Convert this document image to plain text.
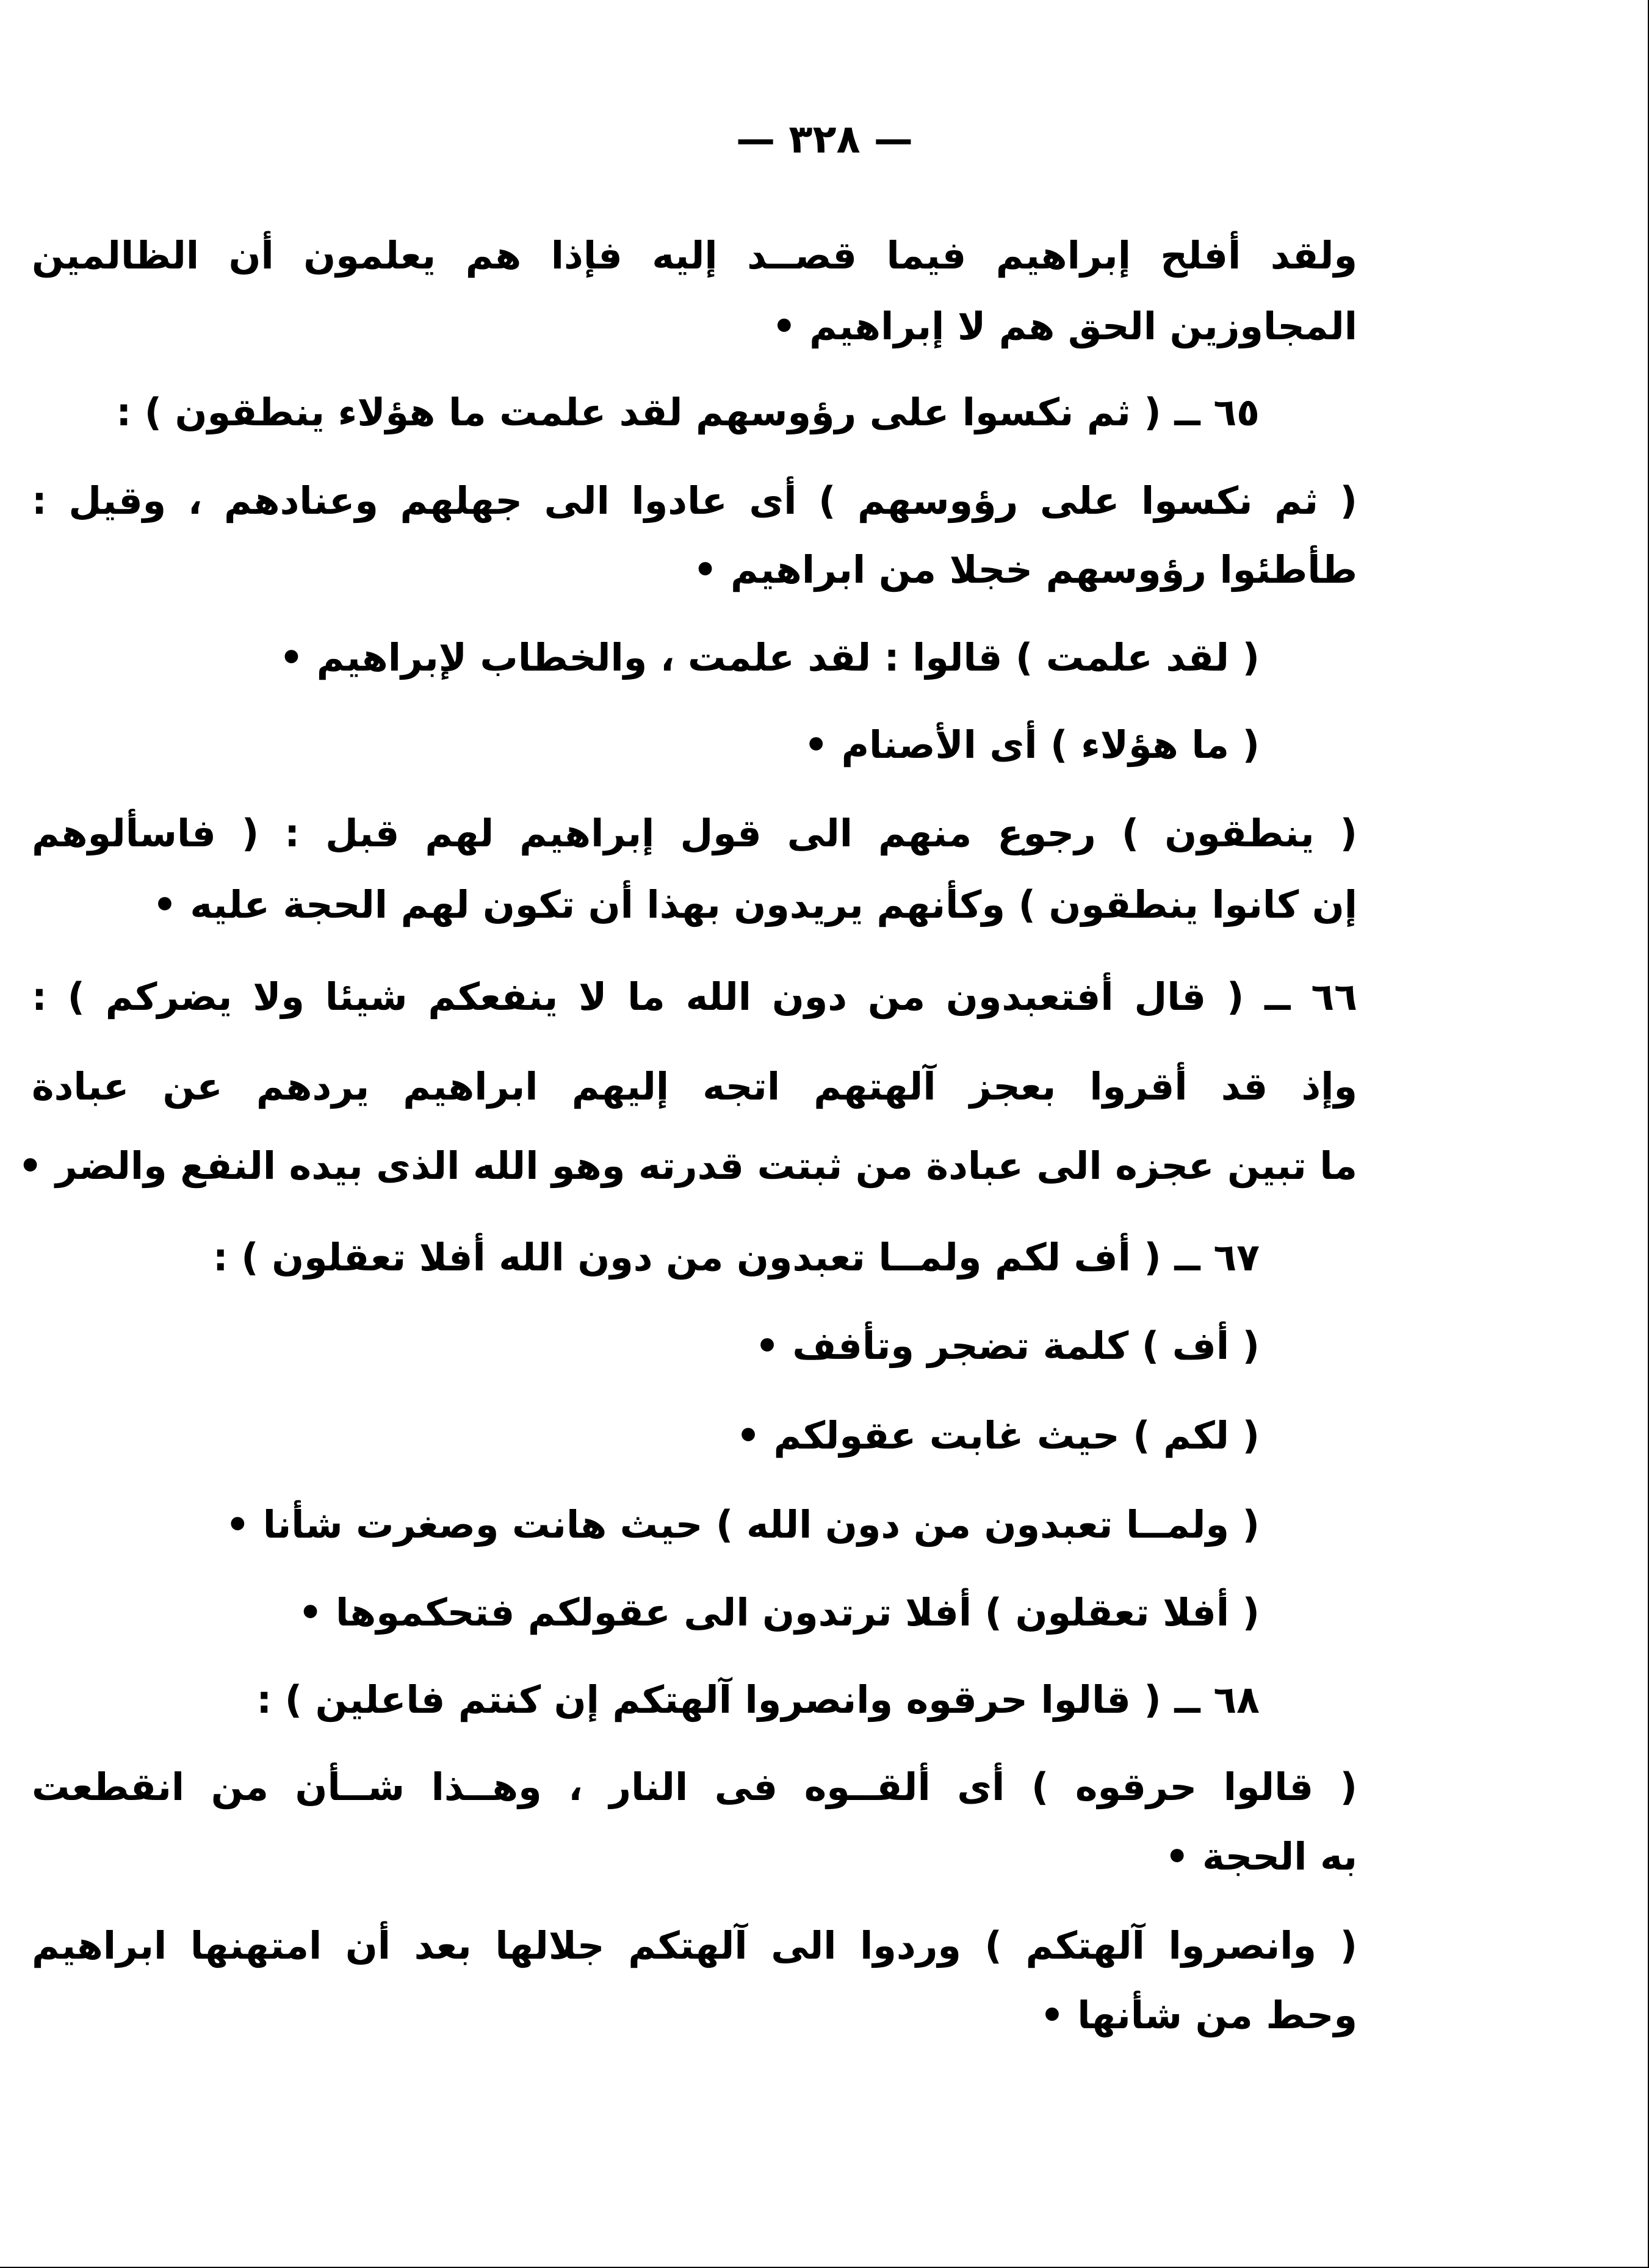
— ٣٢٨ —
ولقد أفلح إبراهيم فيما قصــد إليه فإذا هم يعلمون أن الظالمين
المجاوزين الحق هم لا إبراهيم •
٦٥ ــ ( ثم نكسوا على رؤوسهم لقد علمت ما هؤلاء ينطقون ) :
( ثم نكسوا على رؤوسهم ) أى عادوا الى جهلهم وعنادهم ، وقيل :
طأطئوا رؤوسهم خجلا من ابراهيم •
( لقد علمت ) قالوا : لقد علمت ، والخطاب لإبراهيم •
( ما هؤلاء ) أى الأصنام •
( ينطقون ) رجوع منهم الى قول إبراهيم لهم قبل : ( فاسألوهم
إن كانوا ينطقون ) وكأنهم يريدون بهذا أن تكون لهم الحجة عليه •
٦٦ ــ ( قال أفتعبدون من دون الله ما لا ينفعكم شيئا ولا يضركم ) :
وإذ قد أقروا بعجز آلهتهم اتجه إليهم ابراهيم يردهم عن عبادة
ما تبين عجزه الى عبادة من ثبتت قدرته وهو الله الذى بيده النفع والضر •
٦٧ ــ ( أف لكم ولمــا تعبدون من دون الله أفلا تعقلون ) :
( أف ) كلمة تضجر وتأفف •
( لكم ) حيث غابت عقولكم •
( ولمــا تعبدون من دون الله ) حيث هانت وصغرت شأنا •
( أفلا تعقلون ) أفلا ترتدون الى عقولكم فتحكموها •
٦٨ ــ ( قالوا حرقوه وانصروا آلهتكم إن كنتم فاعلين ) :
( قالوا حرقوه ) أى ألقــوه فى النار ، وهــذا شــأن من انقطعت
به الحجة •
( وانصروا آلهتكم ) وردوا الى آلهتكم جلالها بعد أن امتهنها ابراهيم
وحط من شأنها •
